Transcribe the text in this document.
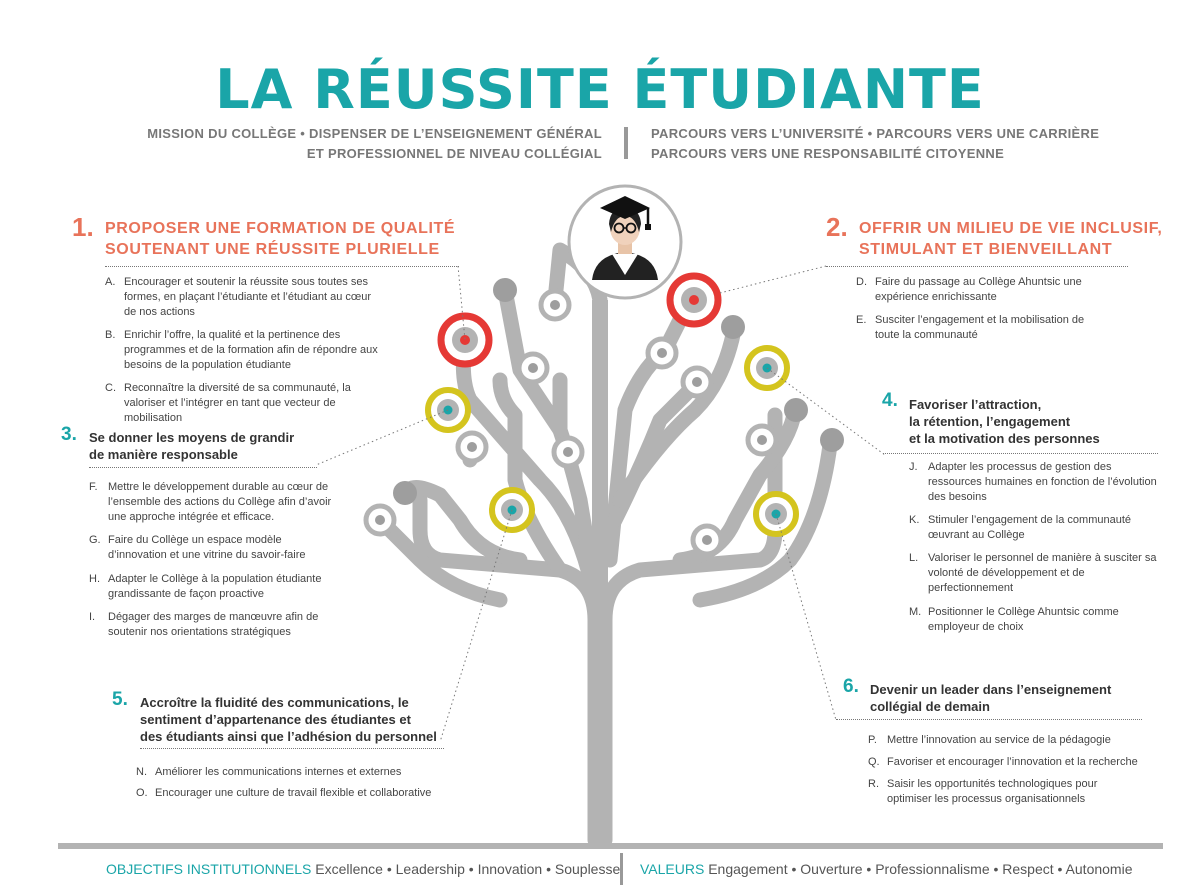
LA RÉUSSITE ÉTUDIANTE
MISSION DU COLLÈGE • DISPENSER DE L’ENSEIGNEMENT GÉNÉRAL
ET PROFESSIONNEL DE NIVEAU COLLÉGIAL
PARCOURS VERS L’UNIVERSITÉ • PARCOURS VERS UNE CARRIÈRE
PARCOURS VERS UNE RESPONSABILITÉ CITOYENNE
1. PROPOSER UNE FORMATION DE QUALITÉ
SOUTENANT UNE RÉUSSITE PLURIELLE
A. Encourager et soutenir la réussite sous toutes ses formes, en plaçant l’étudiante et l’étudiant au cœur de nos actions
B. Enrichir l’offre, la qualité et la pertinence des programmes et de la formation afin de répondre aux besoins de la population étudiante
C. Reconnaître la diversité de sa communauté, la valoriser et l’intégrer en tant que vecteur de mobilisation
2. OFFRIR UN MILIEU DE VIE INCLUSIF,
STIMULANT ET BIENVEILLANT
D. Faire du passage au Collège Ahuntsic une expérience enrichissante
E. Susciter l’engagement et la mobilisation de toute la communauté
3. Se donner les moyens de grandir
de manière responsable
F. Mettre le développement durable au cœur de l’ensemble des actions du Collège afin d’avoir une approche intégrée et efficace.
G. Faire du Collège un espace modèle d’innovation et une vitrine du savoir-faire
H. Adapter le Collège à la population étudiante grandissante de façon proactive
I. Dégager des marges de manœuvre afin de soutenir nos orientations stratégiques
4. Favoriser l’attraction,
la rétention, l’engagement
et la motivation des personnes
J. Adapter les processus de gestion des ressources humaines en fonction de l’évolution des besoins
K. Stimuler l’engagement de la communauté œuvrant au Collège
L. Valoriser le personnel de manière à susciter sa volonté de développement et de perfectionnement
M. Positionner le Collège Ahuntsic comme employeur de choix
5. Accroître la fluidité des communications, le
sentiment d’appartenance des étudiantes et
des étudiants ainsi que l’adhésion du personnel
N. Améliorer les communications internes et externes
O. Encourager une culture de travail flexible et collaborative
6. Devenir un leader dans l’enseignement
collégial de demain
P. Mettre l’innovation au service de la pédagogie
Q. Favoriser et encourager l’innovation et la recherche
R. Saisir les opportunités technologiques pour optimiser les processus organisationnels
OBJECTIFS INSTITUTIONNELS Excellence • Leadership • Innovation • Souplesse VALEURS Engagement • Ouverture • Professionnalisme • Respect • Autonomie
